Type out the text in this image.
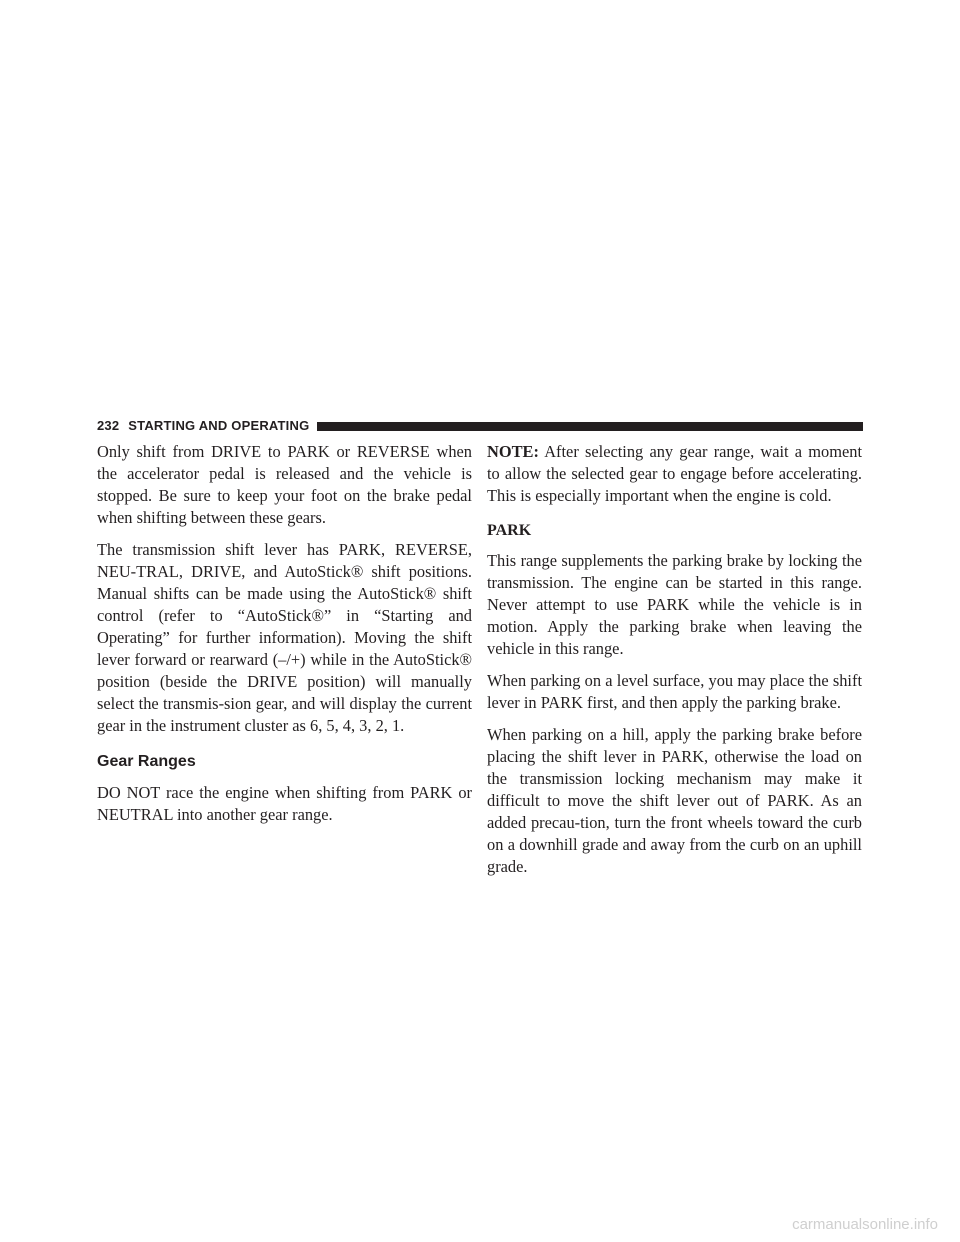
232 STARTING AND OPERATING

Only shift from DRIVE to PARK or REVERSE when the accelerator pedal is released and the vehicle is stopped. Be sure to keep your foot on the brake pedal when shifting between these gears.

The transmission shift lever has PARK, REVERSE, NEU-TRAL, DRIVE, and AutoStick® shift positions. Manual shifts can be made using the AutoStick® shift control (refer to “AutoStick®” in “Starting and Operating” for further information). Moving the shift lever forward or rearward (–/+) while in the AutoStick® position (beside the DRIVE position) will manually select the transmis-sion gear, and will display the current gear in the instrument cluster as 6, 5, 4, 3, 2, 1.

Gear Ranges

DO NOT race the engine when shifting from PARK or NEUTRAL into another gear range.

NOTE: After selecting any gear range, wait a moment to allow the selected gear to engage before accelerating. This is especially important when the engine is cold.

PARK

This range supplements the parking brake by locking the transmission. The engine can be started in this range. Never attempt to use PARK while the vehicle is in motion. Apply the parking brake when leaving the vehicle in this range.

When parking on a level surface, you may place the shift lever in PARK first, and then apply the parking brake.

When parking on a hill, apply the parking brake before placing the shift lever in PARK, otherwise the load on the transmission locking mechanism may make it difficult to move the shift lever out of PARK. As an added precau-tion, turn the front wheels toward the curb on a downhill grade and away from the curb on an uphill grade.

carmanualsonline.info
